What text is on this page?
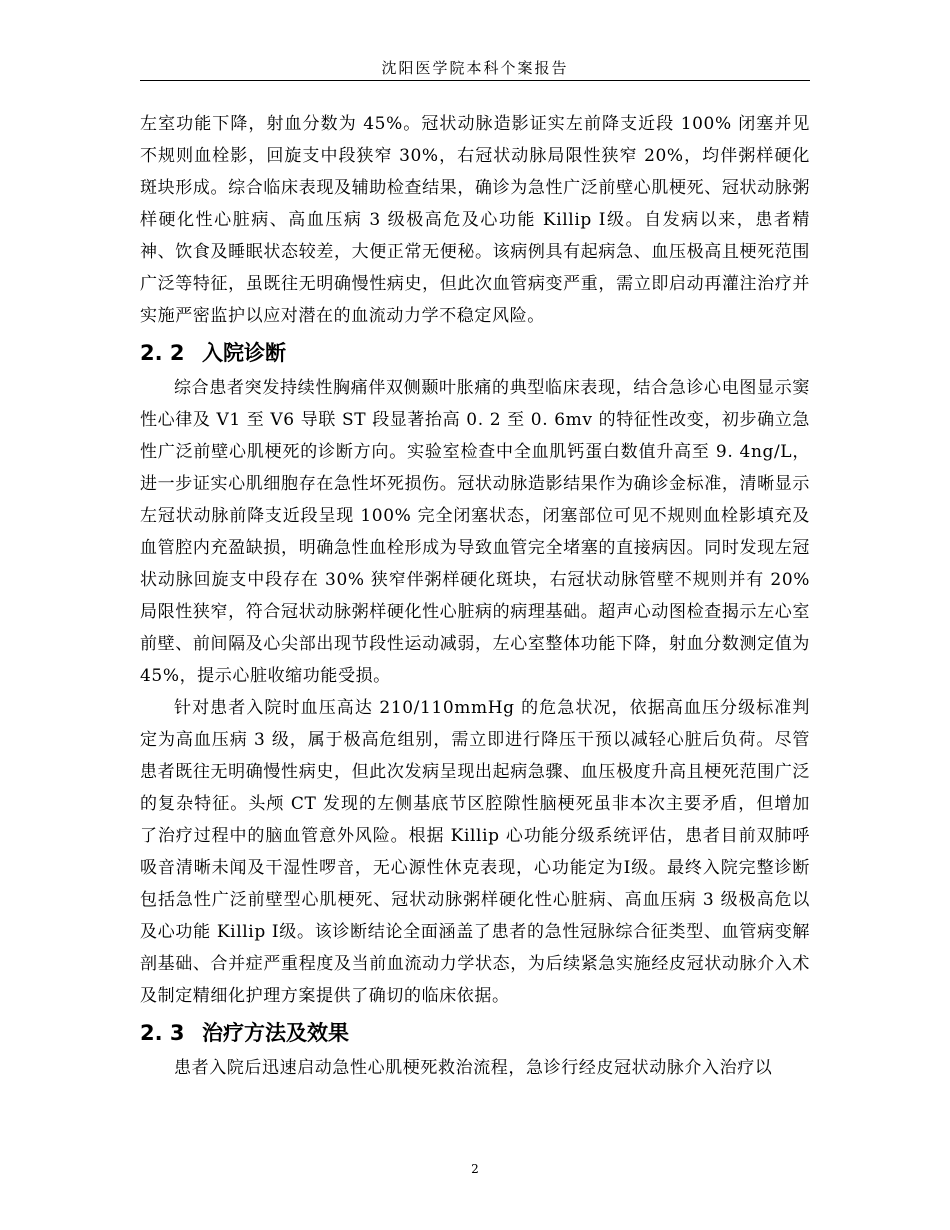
沈阳医学院本科个案报告

左室功能下降，射血分数为 45%。冠状动脉造影证实左前降支近段 100% 闭塞并见不规则血栓影，回旋支中段狭窄 30%，右冠状动脉局限性狭窄 20%，均伴粥样硬化斑块形成。综合临床表现及辅助检查结果，确诊为急性广泛前壁心肌梗死、冠状动脉粥样硬化性心脏病、高血压病 3 级极高危及心功能 Killip Ⅰ级。自发病以来，患者精神、饮食及睡眠状态较差，大便正常无便秘。该病例具有起病急、血压极高且梗死范围广泛等特征，虽既往无明确慢性病史，但此次血管病变严重，需立即启动再灌注治疗并实施严密监护以应对潜在的血流动力学不稳定风险。

2. 2 入院诊断

综合患者突发持续性胸痛伴双侧颞叶胀痛的典型临床表现，结合急诊心电图显示窦性心律及 V1 至 V6 导联 ST 段显著抬高 0. 2 至 0. 6mv 的特征性改变，初步确立急性广泛前壁心肌梗死的诊断方向。实验室检查中全血肌钙蛋白数值升高至 9. 4ng/L，进一步证实心肌细胞存在急性坏死损伤。冠状动脉造影结果作为确诊金标准，清晰显示左冠状动脉前降支近段呈现 100% 完全闭塞状态，闭塞部位可见不规则血栓影填充及血管腔内充盈缺损，明确急性血栓形成为导致血管完全堵塞的直接病因。同时发现左冠状动脉回旋支中段存在 30% 狭窄伴粥样硬化斑块，右冠状动脉管壁不规则并有 20% 局限性狭窄，符合冠状动脉粥样硬化性心脏病的病理基础。超声心动图检查揭示左心室前壁、前间隔及心尖部出现节段性运动减弱，左心室整体功能下降，射血分数测定值为 45%，提示心脏收缩功能受损。

针对患者入院时血压高达 210/110mmHg 的危急状况，依据高血压分级标准判定为高血压病 3 级，属于极高危组别，需立即进行降压干预以减轻心脏后负荷。尽管患者既往无明确慢性病史，但此次发病呈现出起病急骤、血压极度升高且梗死范围广泛的复杂特征。头颅 CT 发现的左侧基底节区腔隙性脑梗死虽非本次主要矛盾，但增加了治疗过程中的脑血管意外风险。根据 Killip 心功能分级系统评估，患者目前双肺呼吸音清晰未闻及干湿性啰音，无心源性休克表现，心功能定为Ⅰ级。最终入院完整诊断包括急性广泛前壁型心肌梗死、冠状动脉粥样硬化性心脏病、高血压病 3 级极高危以及心功能 Killip Ⅰ级。该诊断结论全面涵盖了患者的急性冠脉综合征类型、血管病变解剖基础、合并症严重程度及当前血流动力学状态，为后续紧急实施经皮冠状动脉介入术及制定精细化护理方案提供了确切的临床依据。

2. 3 治疗方法及效果

患者入院后迅速启动急性心肌梗死救治流程，急诊行经皮冠状动脉介入治疗以

2
